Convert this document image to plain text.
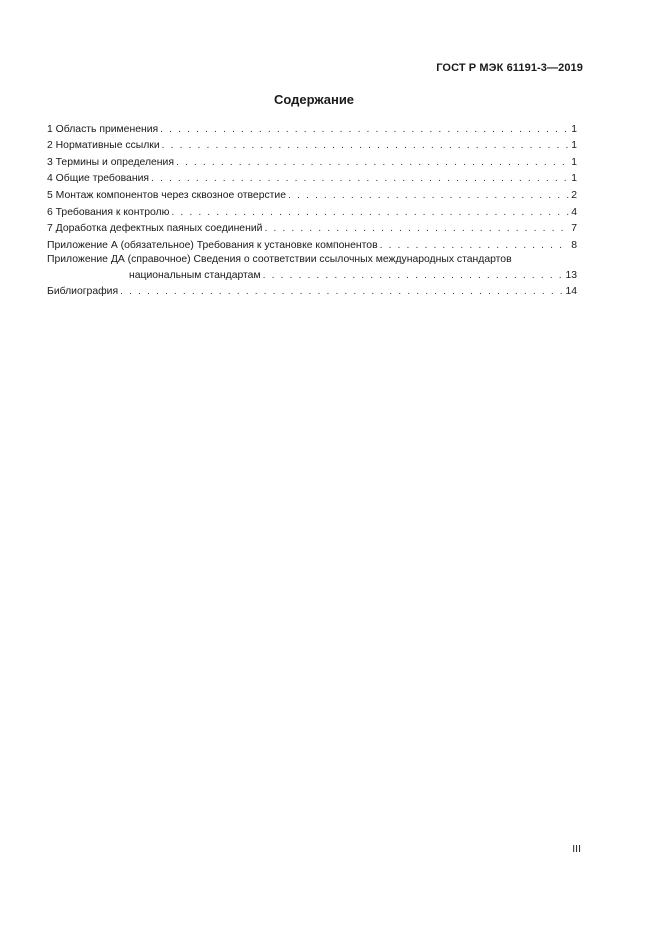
ГОСТ Р МЭК 61191-3—2019
Содержание
1 Область применения . . .	1
2 Нормативные ссылки . . .	1
3 Термины и определения . . .	1
4 Общие требования . . .	1
5 Монтаж компонентов через сквозное отверстие . . .	2
6 Требования к контролю . . .	4
7 Доработка дефектных паяных соединений . . .	7
Приложение А (обязательное) Требования к установке компонентов . . .	8
Приложение ДА (справочное) Сведения о соответствии ссылочных международных стандартов
национальным стандартам . . .	13
Библиография . . .	14
III
